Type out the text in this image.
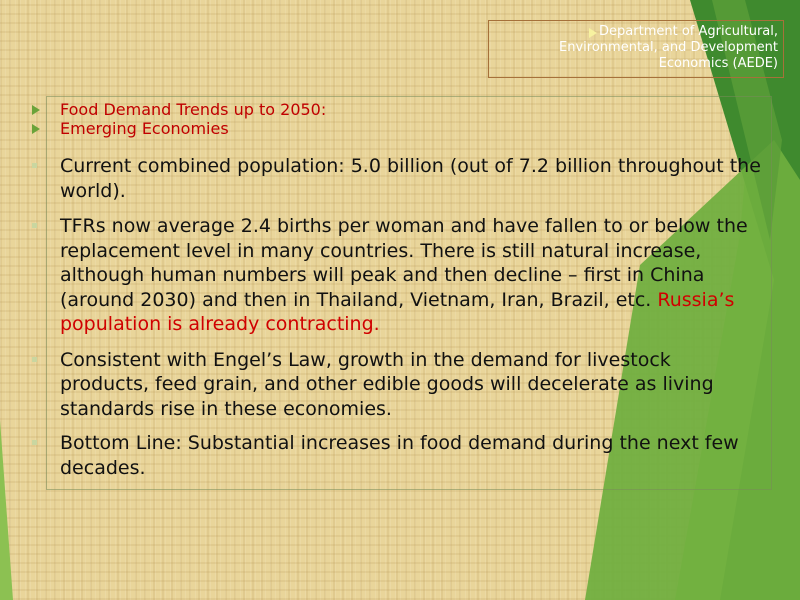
Department of Agricultural,
Environmental, and Development
Economics (AEDE)
Food Demand Trends up to 2050:
Emerging Economies
Current combined population: 5.0 billion (out of 7.2 billion throughout the world).
TFRs now average 2.4 births per woman and have fallen to or below the replacement level in many countries. There is still natural increase, although human numbers will peak and then decline – first in China (around 2030) and then in Thailand, Vietnam, Iran, Brazil, etc. Russia’s population is already contracting.
Consistent with Engel’s Law, growth in the demand for livestock products, feed grain, and other edible goods will decelerate as living standards rise in these economies.
Bottom Line: Substantial increases in food demand during the next few decades.
